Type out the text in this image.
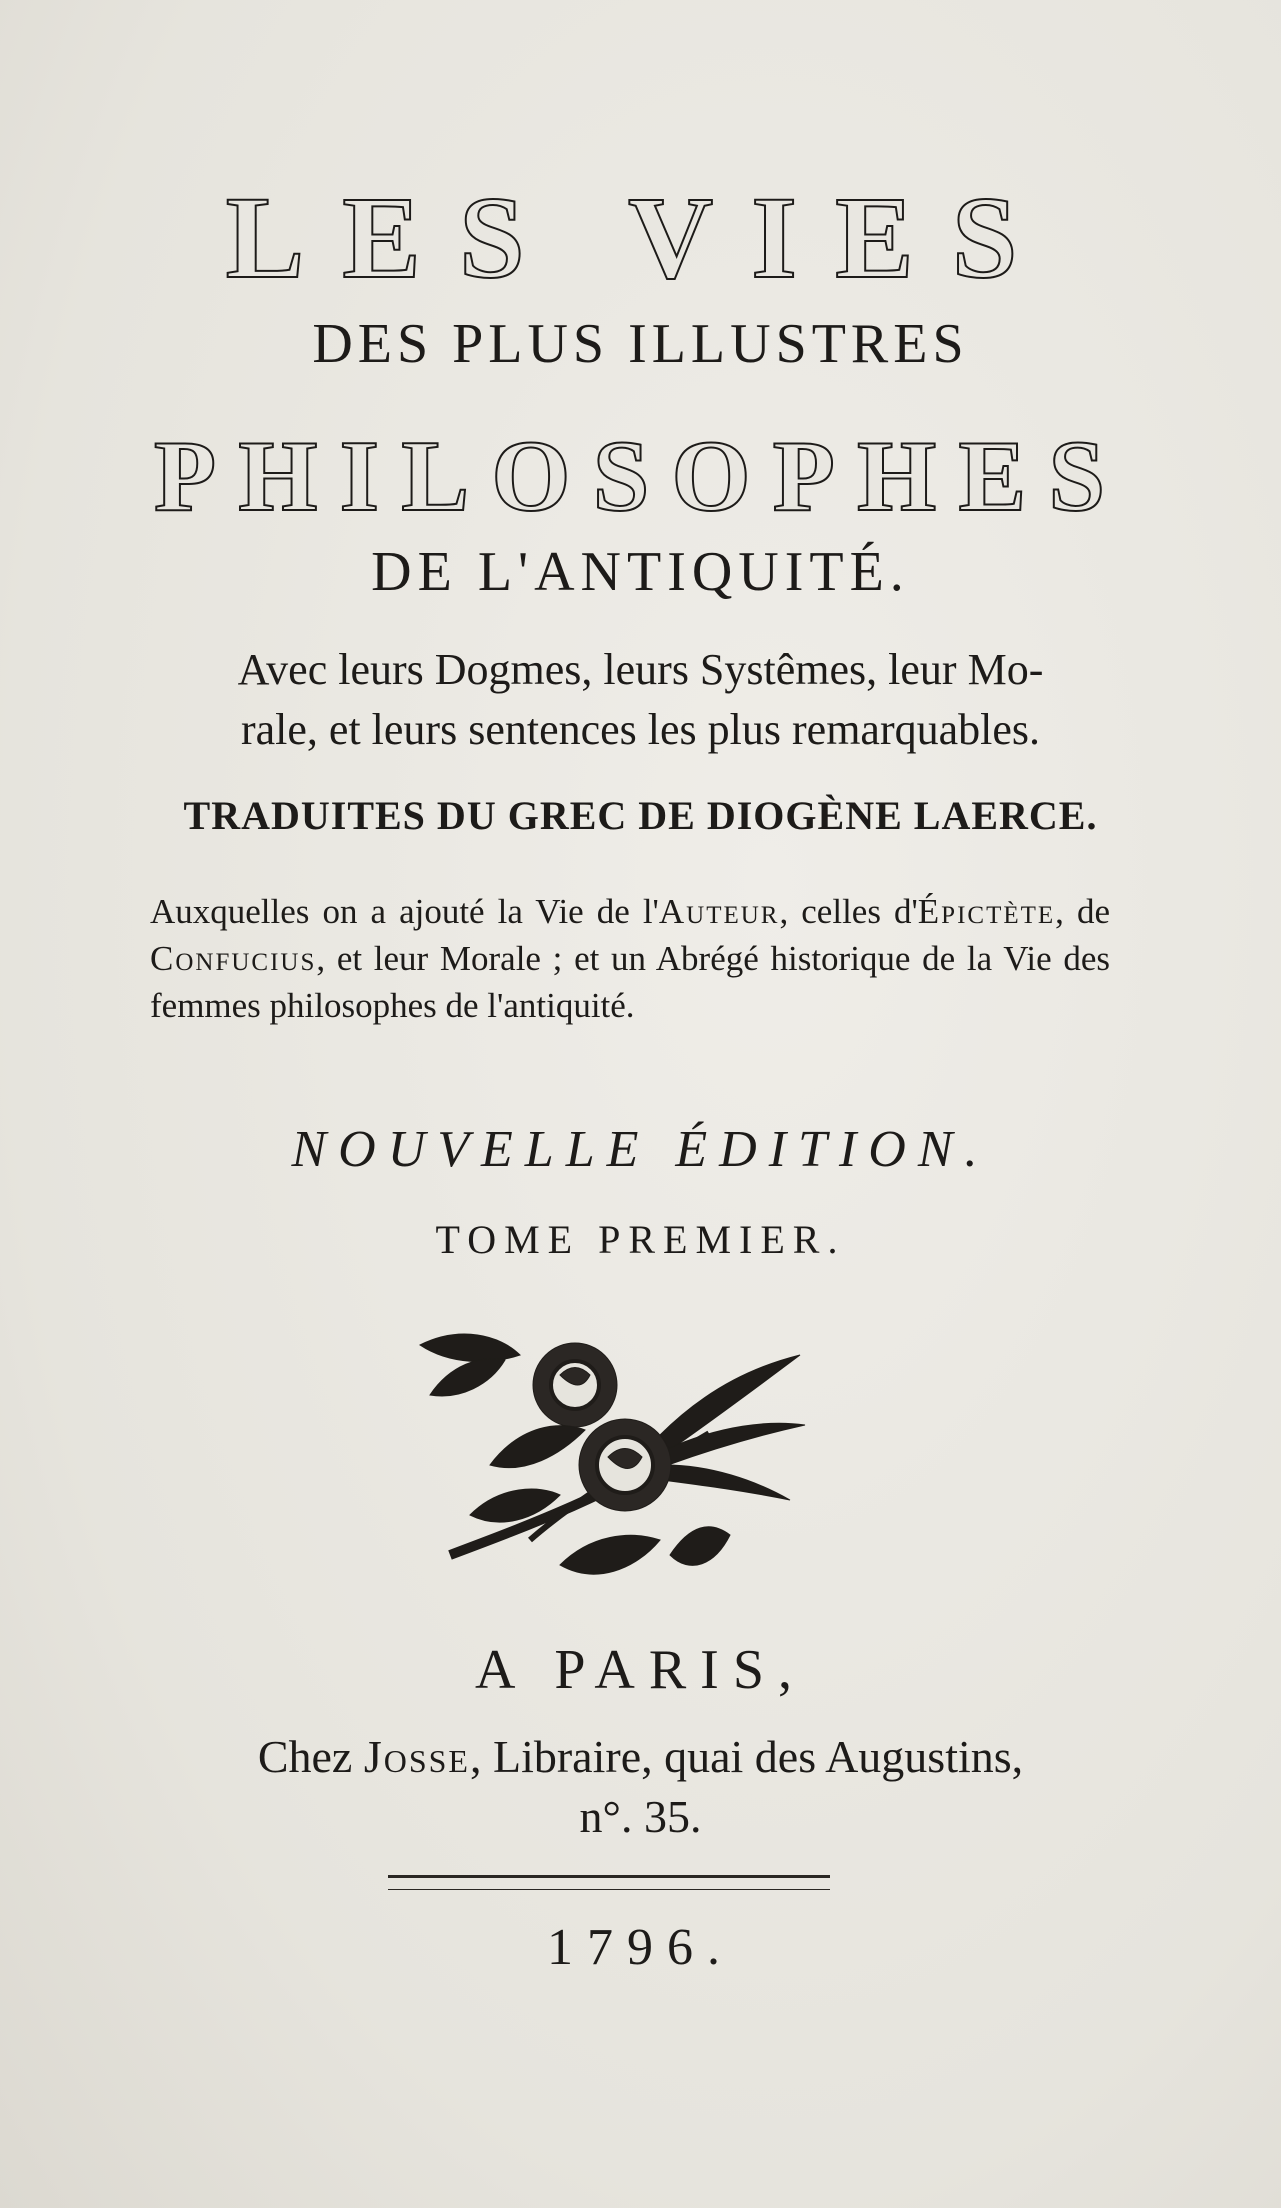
LES VIES
DES PLUS ILLUSTRES
PHILOSOPHES
DE L'ANTIQUITÉ.
Avec leurs Dogmes, leurs Systêmes, leur Mo-
rale, et leurs sentences les plus remarquables.
TRADUITES DU GREC DE DIOGÈNE LAERCE.
Auxquelles on a ajouté la Vie de l'Auteur, celles d'Épictète, de Confucius, et leur Morale ; et un Abrégé historique de la Vie des femmes philosophes de l'antiquité.
NOUVELLE ÉDITION.
TOME PREMIER.
A PARIS,
Chez Josse, Libraire, quai des Augustins,
n°. 35.
1796.
